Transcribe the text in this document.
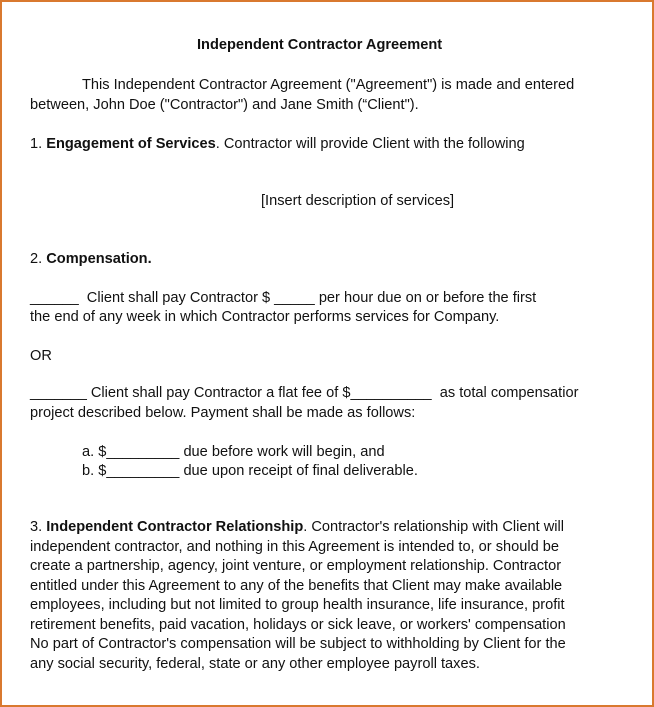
Independent Contractor Agreement
This Independent Contractor Agreement ("Agreement") is made and entered
between, John Doe ("Contractor") and Jane Smith (“Client").
1. Engagement of Services. Contractor will provide Client with the following
[Insert description of services]
2. Compensation.
______  Client shall pay Contractor $ _____ per hour due on or before the first
the end of any week in which Contractor performs services for Company.
OR
_______ Client shall pay Contractor a flat fee of $__________  as total compensatior
project described below. Payment shall be made as follows:
a. $_________ due before work will begin, and
b. $_________ due upon receipt of final deliverable.
3. Independent Contractor Relationship. Contractor's relationship with Client will
independent contractor, and nothing in this Agreement is intended to, or should be
create a partnership, agency, joint venture, or employment relationship. Contractor
entitled under this Agreement to any of the benefits that Client may make available
employees, including but not limited to group health insurance, life insurance, profit
retirement benefits, paid vacation, holidays or sick leave, or workers' compensation
No part of Contractor's compensation will be subject to withholding by Client for the
any social security, federal, state or any other employee payroll taxes.
